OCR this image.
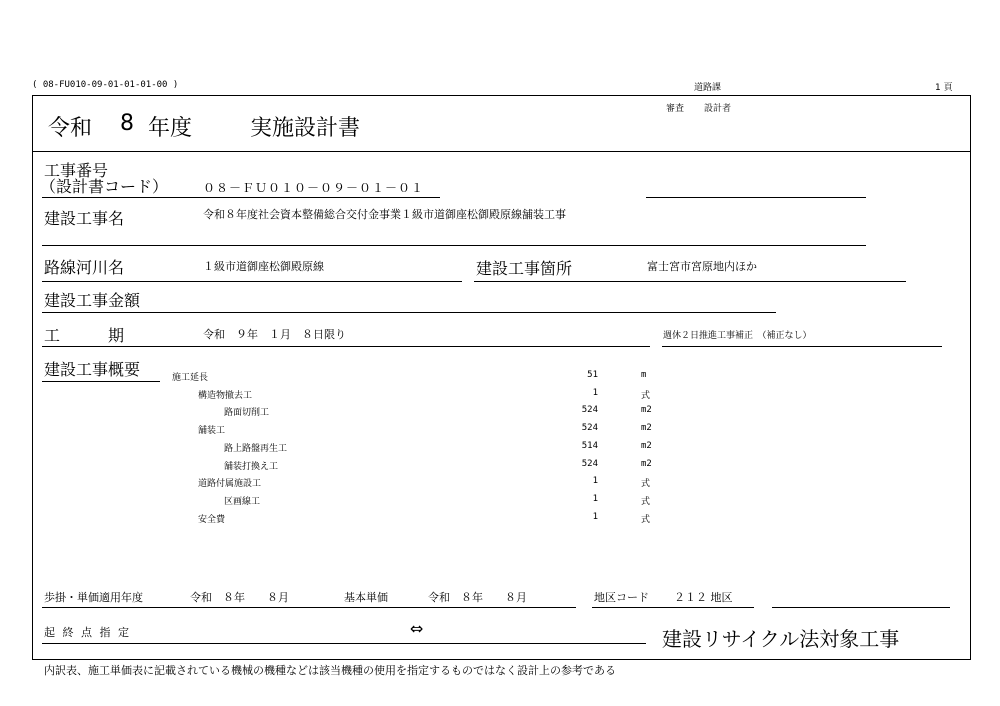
( 08-FU010-09-01-01-01-00 )	道路課	1 頁
審査 設計者
令和 8 年度	実施設計書
工事番号
（設計書コード）	０８－ＦＵ０１０－０９－０１－０１
建設工事名	令和８年度社会資本整備総合交付金事業１級市道御座松御殿原線舗装工事
路線河川名	１級市道御座松御殿原線	建設工事箇所	富士宮市宮原地内ほか
建設工事金額
工　　　期	令和　９年　１月　８日限り	週休２日推進工事補正　（補正なし）
建設工事概要	施工延長	51	m
構造物撤去工	1	式
路面切削工	524	m2
舗装工	524	m2
路上路盤再生工	514	m2
舗装打換え工	524	m2
道路付属施設工	1	式
区画線工	1	式
安全費	1	式
歩掛・単価適用年度	令和　８年　　８月	基本単価	令和　８年　　８月	地区コード ２１２ 地区
起 終 点 指 定	⇔	建設リサイクル法対象工事
内訳表、施工単価表に記載されている機械の機種などは該当機種の使用を指定するものではなく設計上の参考である
